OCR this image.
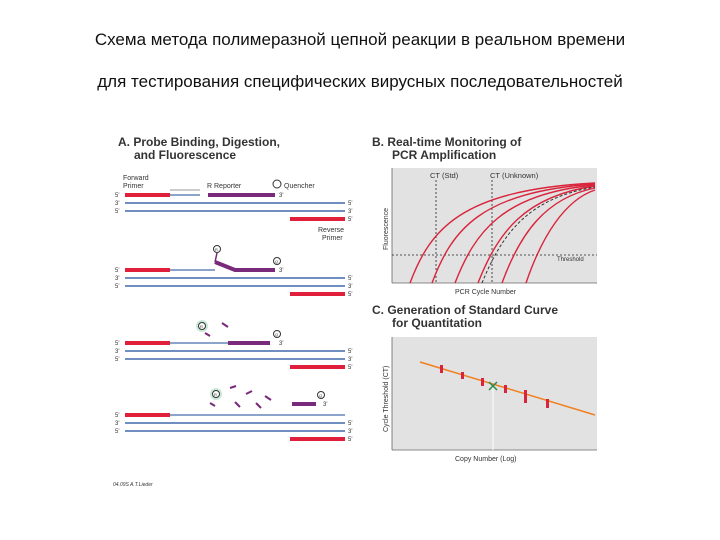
Схема метода полимеразной цепной реакции в реальном времени
для тестирования специфических вирусных последовательностей
A. Probe Binding, Digestion,
and Fluorescence
Forward
Primer	R Reporter	Quencher
5'	3'
3'	5'
5'	3'
5'
Reverse
Primer
R
Q
5'	3'
3'	5'
5'	3'
5'
R
Q
5'	3'
3'	5'
5'	3'
5'
R	Q
3'
5'
3'	5'
5'	3'
5'
04.09S A.T.Lieder
B. Real-time Monitoring of
PCR Amplification
CT (Std)	CT (Unknown)
Threshold
Fluorescence
PCR Cycle Number
C. Generation of Standard Curve
for Quantitation
Cycle Threshold (CT)
Copy Number (Log)
